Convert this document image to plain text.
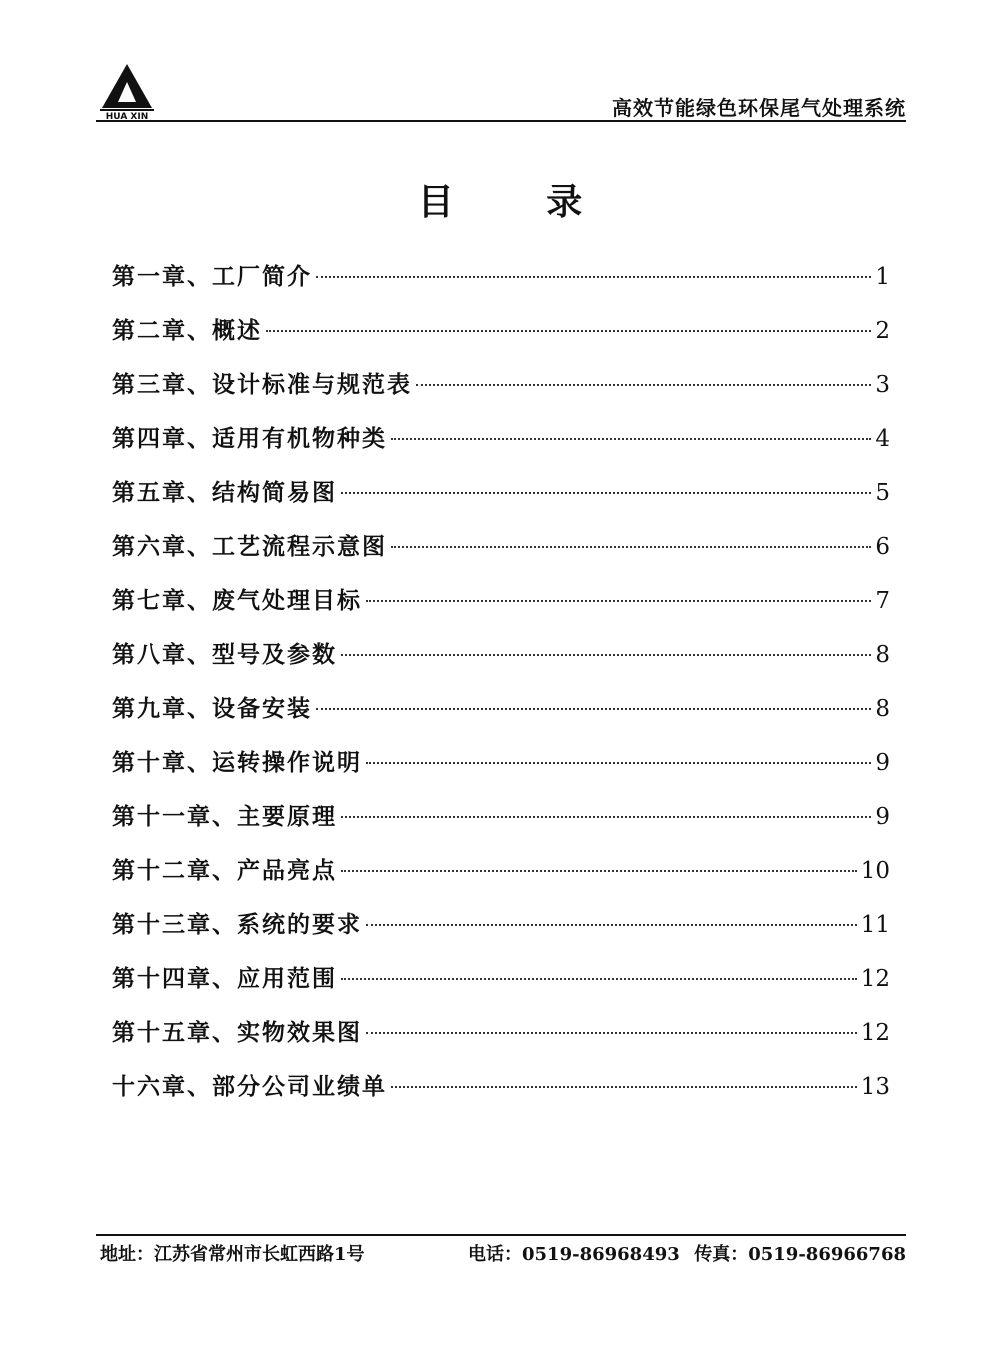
HUA XIN	高效节能绿色环保尾气处理系统
目 录
第一章、工厂简介	1
第二章、概述	2
第三章、设计标准与规范表	3
第四章、适用有机物种类	4
第五章、结构简易图	5
第六章、工艺流程示意图	6
第七章、废气处理目标	7
第八章、型号及参数	8
第九章、设备安装	8
第十章、运转操作说明	9
第十一章、主要原理	9
第十二章、产品亮点	10
第十三章、系统的要求	11
第十四章、应用范围	12
第十五章、实物效果图	12
十六章、部分公司业绩单	13
地址：江苏省常州市长虹西路1号	电话：0519-86968493 传真：0519-86966768
